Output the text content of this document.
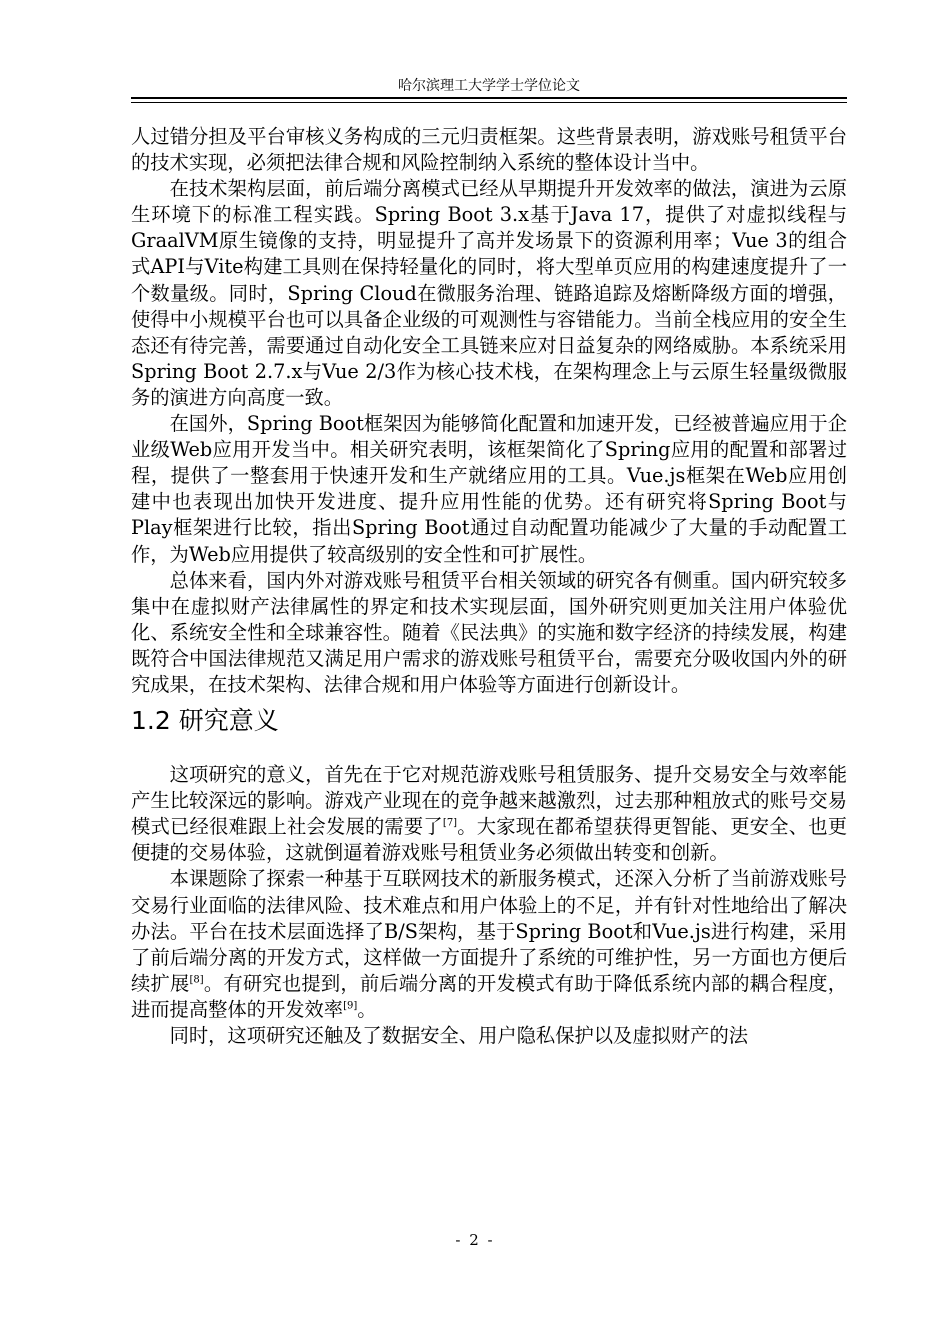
哈尔滨理工大学学士学位论文

人过错分担及平台审核义务构成的三元归责框架。这些背景表明，游戏账号租赁平台的技术实现，必须把法律合规和风险控制纳入系统的整体设计当中。

在技术架构层面，前后端分离模式已经从早期提升开发效率的做法，演进为云原生环境下的标准工程实践。Spring Boot 3.x基于Java 17，提供了对虚拟线程与GraalVM原生镜像的支持，明显提升了高并发场景下的资源利用率；Vue 3的组合式API与Vite构建工具则在保持轻量化的同时，将大型单页应用的构建速度提升了一个数量级。同时，Spring Cloud在微服务治理、链路追踪及熔断降级方面的增强，使得中小规模平台也可以具备企业级的可观测性与容错能力。当前全栈应用的安全生态还有待完善，需要通过自动化安全工具链来应对日益复杂的网络威胁。本系统采用Spring Boot 2.7.x与Vue 2/3作为核心技术栈，在架构理念上与云原生轻量级微服务的演进方向高度一致。

在国外，Spring Boot框架因为能够简化配置和加速开发，已经被普遍应用于企业级Web应用开发当中。相关研究表明，该框架简化了Spring应用的配置和部署过程，提供了一整套用于快速开发和生产就绪应用的工具。Vue.js框架在Web应用创建中也表现出加快开发进度、提升应用性能的优势。还有研究将Spring Boot与Play框架进行比较，指出Spring Boot通过自动配置功能减少了大量的手动配置工作，为Web应用提供了较高级别的安全性和可扩展性。

总体来看，国内外对游戏账号租赁平台相关领域的研究各有侧重。国内研究较多集中在虚拟财产法律属性的界定和技术实现层面，国外研究则更加关注用户体验优化、系统安全性和全球兼容性。随着《民法典》的实施和数字经济的持续发展，构建既符合中国法律规范又满足用户需求的游戏账号租赁平台，需要充分吸收国内外的研究成果，在技术架构、法律合规和用户体验等方面进行创新设计。

1.2 研究意义

这项研究的意义，首先在于它对规范游戏账号租赁服务、提升交易安全与效率能产生比较深远的影响。游戏产业现在的竞争越来越激烈，过去那种粗放式的账号交易模式已经很难跟上社会发展的需要了[7]。大家现在都希望获得更智能、更安全、也更便捷的交易体验，这就倒逼着游戏账号租赁业务必须做出转变和创新。

本课题除了探索一种基于互联网技术的新服务模式，还深入分析了当前游戏账号交易行业面临的法律风险、技术难点和用户体验上的不足，并有针对性地给出了解决办法。平台在技术层面选择了B/S架构，基于Spring Boot和Vue.js进行构建，采用了前后端分离的开发方式，这样做一方面提升了系统的可维护性，另一方面也方便后续扩展[8]。有研究也提到，前后端分离的开发模式有助于降低系统内部的耦合程度，进而提高整体的开发效率[9]。

同时，这项研究还触及了数据安全、用户隐私保护以及虚拟财产的法

- 2 -
